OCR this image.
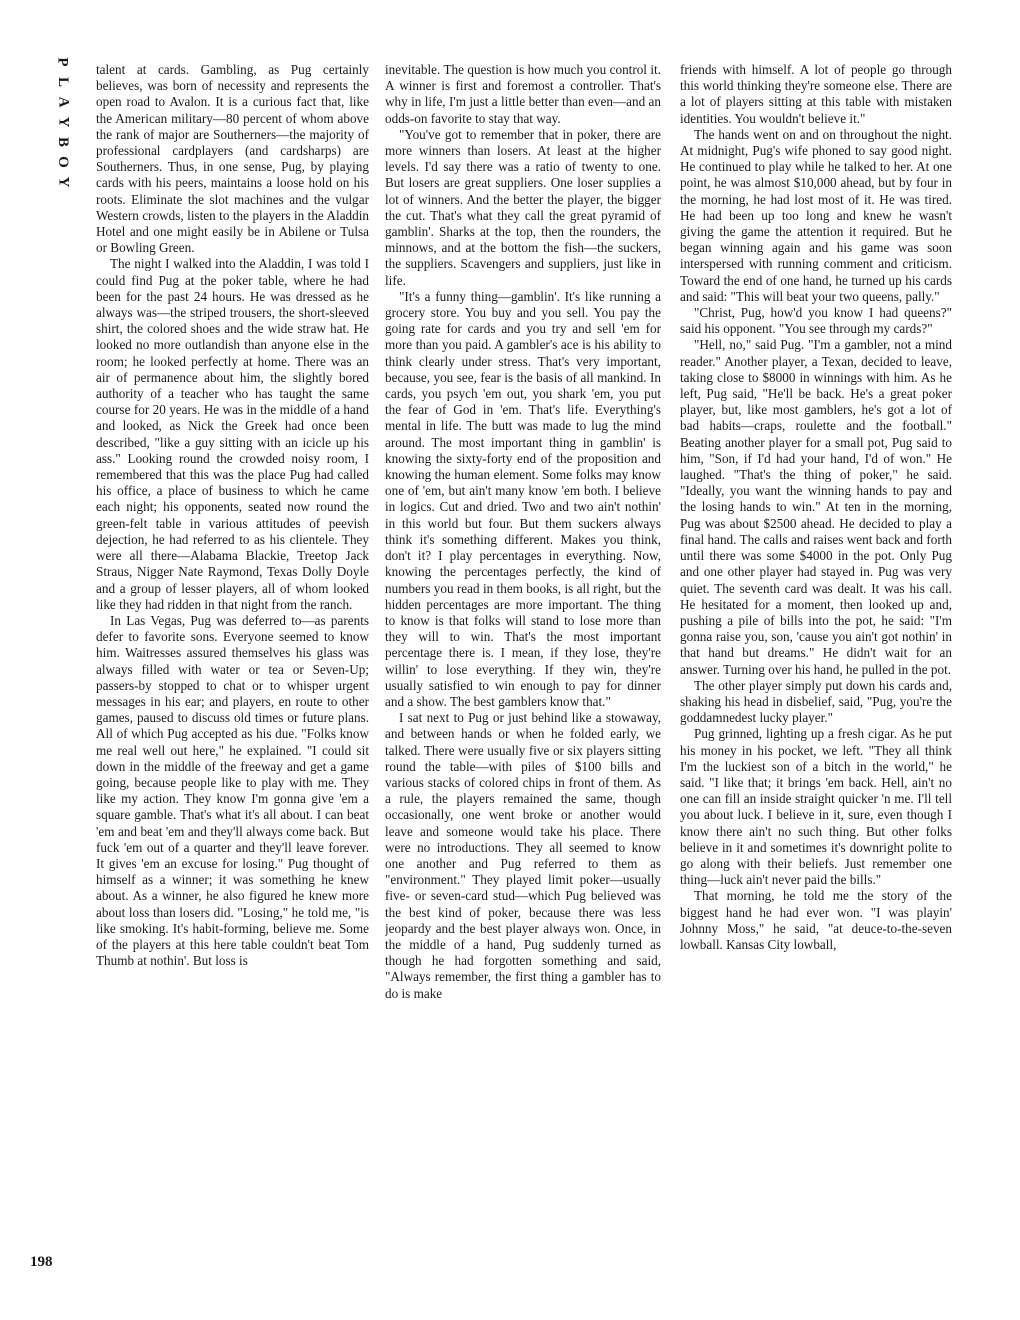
P
L
A
Y
B
O
Y
198

talent at cards. Gambling, as Pug certainly believes, was born of necessity and represents the open road to Avalon. It is a curious fact that, like the American military—80 percent of whom above the rank of major are Southerners—the majority of professional cardplayers (and cardsharps) are Southerners. Thus, in one sense, Pug, by playing cards with his peers, maintains a loose hold on his roots. Eliminate the slot machines and the vulgar Western crowds, listen to the players in the Aladdin Hotel and one might easily be in Abilene or Tulsa or Bowling Green.

The night I walked into the Aladdin, I was told I could find Pug at the poker table, where he had been for the past 24 hours. He was dressed as he always was—the striped trousers, the short-sleeved shirt, the colored shoes and the wide straw hat. He looked no more outlandish than anyone else in the room; he looked perfectly at home. There was an air of permanence about him, the slightly bored authority of a teacher who has taught the same course for 20 years. He was in the middle of a hand and looked, as Nick the Greek had once been described, "like a guy sitting with an icicle up his ass." Looking round the crowded noisy room, I remembered that this was the place Pug had called his office, a place of business to which he came each night; his opponents, seated now round the green-felt table in various attitudes of peevish dejection, he had referred to as his clientele. They were all there—Alabama Blackie, Treetop Jack Straus, Nigger Nate Raymond, Texas Dolly Doyle and a group of lesser players, all of whom looked like they had ridden in that night from the ranch.

In Las Vegas, Pug was deferred to—as parents defer to favorite sons. Everyone seemed to know him. Waitresses assured themselves his glass was always filled with water or tea or Seven-Up; passers-by stopped to chat or to whisper urgent messages in his ear; and players, en route to other games, paused to discuss old times or future plans. All of which Pug accepted as his due. "Folks know me real well out here," he explained. "I could sit down in the middle of the freeway and get a game going, because people like to play with me. They like my action. They know I'm gonna give 'em a square gamble. That's what it's all about. I can beat 'em and beat 'em and they'll always come back. But fuck 'em out of a quarter and they'll leave forever. It gives 'em an excuse for losing." Pug thought of himself as a winner; it was something he knew about. As a winner, he also figured he knew more about loss than losers did. "Losing," he told me, "is like smoking. It's habit-forming, believe me. Some of the players at this here table couldn't beat Tom Thumb at nothin'. But loss is

inevitable. The question is how much you control it. A winner is first and foremost a controller. That's why in life, I'm just a little better than even—and an odds-on favorite to stay that way.

"You've got to remember that in poker, there are more winners than losers. At least at the higher levels. I'd say there was a ratio of twenty to one. But losers are great suppliers. One loser supplies a lot of winners. And the better the player, the bigger the cut. That's what they call the great pyramid of gamblin'. Sharks at the top, then the rounders, the minnows, and at the bottom the fish—the suckers, the suppliers. Scavengers and suppliers, just like in life.

"It's a funny thing—gamblin'. It's like running a grocery store. You buy and you sell. You pay the going rate for cards and you try and sell 'em for more than you paid. A gambler's ace is his ability to think clearly under stress. That's very important, because, you see, fear is the basis of all mankind. In cards, you psych 'em out, you shark 'em, you put the fear of God in 'em. That's life. Everything's mental in life. The butt was made to lug the mind around. The most important thing in gamblin' is knowing the sixty-forty end of the proposition and knowing the human element. Some folks may know one of 'em, but ain't many know 'em both. I believe in logics. Cut and dried. Two and two ain't nothin' in this world but four. But them suckers always think it's something different. Makes you think, don't it? I play percentages in everything. Now, knowing the percentages perfectly, the kind of numbers you read in them books, is all right, but the hidden percentages are more important. The thing to know is that folks will stand to lose more than they will to win. That's the most important percentage there is. I mean, if they lose, they're willin' to lose everything. If they win, they're usually satisfied to win enough to pay for dinner and a show. The best gamblers know that."

I sat next to Pug or just behind like a stowaway, and between hands or when he folded early, we talked. There were usually five or six players sitting round the table—with piles of $100 bills and various stacks of colored chips in front of them. As a rule, the players remained the same, though occasionally, one went broke or another would leave and someone would take his place. There were no introductions. They all seemed to know one another and Pug referred to them as "environment." They played limit poker—usually five- or seven-card stud—which Pug believed was the best kind of poker, because there was less jeopardy and the best player always won. Once, in the middle of a hand, Pug suddenly turned as though he had forgotten something and said, "Always remember, the first thing a gambler has to do is make

friends with himself. A lot of people go through this world thinking they're someone else. There are a lot of players sitting at this table with mistaken identities. You wouldn't believe it."

The hands went on and on throughout the night. At midnight, Pug's wife phoned to say good night. He continued to play while he talked to her. At one point, he was almost $10,000 ahead, but by four in the morning, he had lost most of it. He was tired. He had been up too long and knew he wasn't giving the game the attention it required. But he began winning again and his game was soon interspersed with running comment and criticism. Toward the end of one hand, he turned up his cards and said: "This will beat your two queens, pally."

"Christ, Pug, how'd you know I had queens?" said his opponent. "You see through my cards?"

"Hell, no," said Pug. "I'm a gambler, not a mind reader." Another player, a Texan, decided to leave, taking close to $8000 in winnings with him. As he left, Pug said, "He'll be back. He's a great poker player, but, like most gamblers, he's got a lot of bad habits—craps, roulette and the football." Beating another player for a small pot, Pug said to him, "Son, if I'd had your hand, I'd of won." He laughed. "That's the thing of poker," he said. "Ideally, you want the winning hands to pay and the losing hands to win." At ten in the morning, Pug was about $2500 ahead. He decided to play a final hand. The calls and raises went back and forth until there was some $4000 in the pot. Only Pug and one other player had stayed in. Pug was very quiet. The seventh card was dealt. It was his call. He hesitated for a moment, then looked up and, pushing a pile of bills into the pot, he said: "I'm gonna raise you, son, 'cause you ain't got nothin' in that hand but dreams." He didn't wait for an answer. Turning over his hand, he pulled in the pot.

The other player simply put down his cards and, shaking his head in disbelief, said, "Pug, you're the goddamnedest lucky player."

Pug grinned, lighting up a fresh cigar. As he put his money in his pocket, we left. "They all think I'm the luckiest son of a bitch in the world," he said. "I like that; it brings 'em back. Hell, ain't no one can fill an inside straight quicker 'n me. I'll tell you about luck. I believe in it, sure, even though I know there ain't no such thing. But other folks believe in it and sometimes it's downright polite to go along with their beliefs. Just remember one thing—luck ain't never paid the bills."

That morning, he told me the story of the biggest hand he had ever won. "I was playin' Johnny Moss," he said, "at deuce-to-the-seven lowball. Kansas City lowball,
